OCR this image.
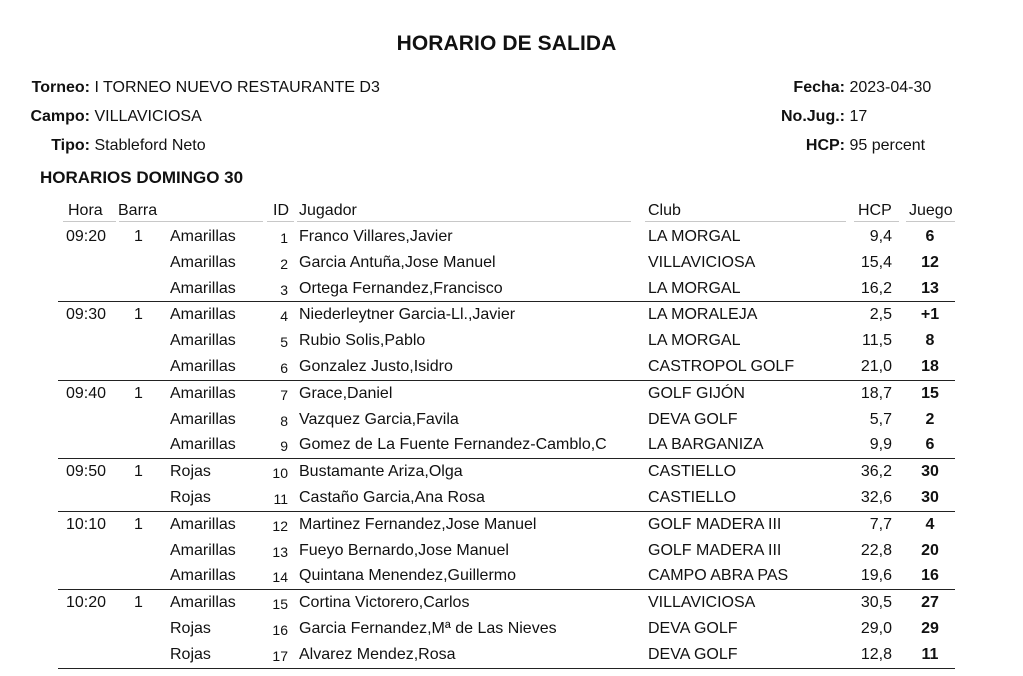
HORARIO DE SALIDA
Torneo: I TORNEO NUEVO RESTAURANTE D3
Campo: VILLAVICIOSA
Tipo: Stableford Neto
Fecha: 2023-04-30
No.Jug.: 17
HCP: 95 percent
HORARIOS DOMINGO 30
Hora Barra	ID Jugador	Club	HCP Juego
09:20 1 Amarillas	1 Franco Villares,Javier	LA MORGAL	9,4	6
Amarillas	2 Garcia Antuña,Jose Manuel	VILLAVICIOSA	15,4	12
Amarillas	3 Ortega Fernandez,Francisco	LA MORGAL	16,2	13
09:30 1 Amarillas	4 Niederleytner Garcia-Ll.,Javier	LA MORALEJA	2,5	+1
Amarillas	5 Rubio Solis,Pablo	LA MORGAL	11,5	8
Amarillas	6 Gonzalez Justo,Isidro	CASTROPOL GOLF	21,0	18
09:40 1 Amarillas	7 Grace,Daniel	GOLF GIJÓN	18,7	15
Amarillas	8 Vazquez Garcia,Favila	DEVA GOLF	5,7	2
Amarillas	9 Gomez de La Fuente Fernandez-Camblo,C	LA BARGANIZA	9,9	6
09:50 1 Rojas	10 Bustamante Ariza,Olga	CASTIELLO	36,2	30
Rojas	11 Castaño Garcia,Ana Rosa	CASTIELLO	32,6	30
10:10 1 Amarillas	12 Martinez Fernandez,Jose Manuel	GOLF MADERA III	7,7	4
Amarillas	13 Fueyo Bernardo,Jose Manuel	GOLF MADERA III	22,8	20
Amarillas	14 Quintana Menendez,Guillermo	CAMPO ABRA PAS	19,6	16
10:20 1 Amarillas	15 Cortina Victorero,Carlos	VILLAVICIOSA	30,5	27
Rojas	16 Garcia Fernandez,Mª de Las Nieves	DEVA GOLF	29,0	29
Rojas	17 Alvarez Mendez,Rosa	DEVA GOLF	12,8	11
